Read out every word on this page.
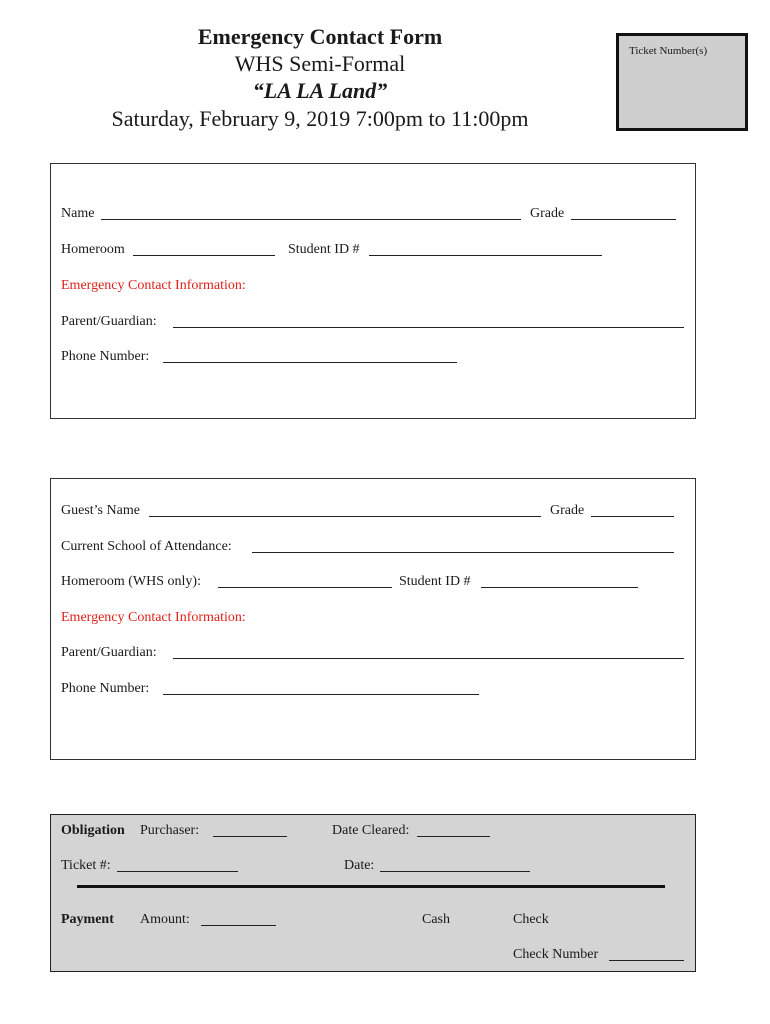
Emergency Contact Form
WHS Semi-Formal
“LA LA Land”
Saturday, February 9, 2019 7:00pm to 11:00pm
Ticket Number(s)
Name	Grade
Homeroom	Student ID #
Emergency Contact Information:
Parent/Guardian:
Phone Number:
Guest’s Name	Grade
Current School of Attendance:
Homeroom (WHS only):	Student ID #
Emergency Contact Information:
Parent/Guardian:
Phone Number:
Obligation Purchaser:	Date Cleared:
Ticket #:	Date:
Payment Amount:	Cash	Check
Check Number
